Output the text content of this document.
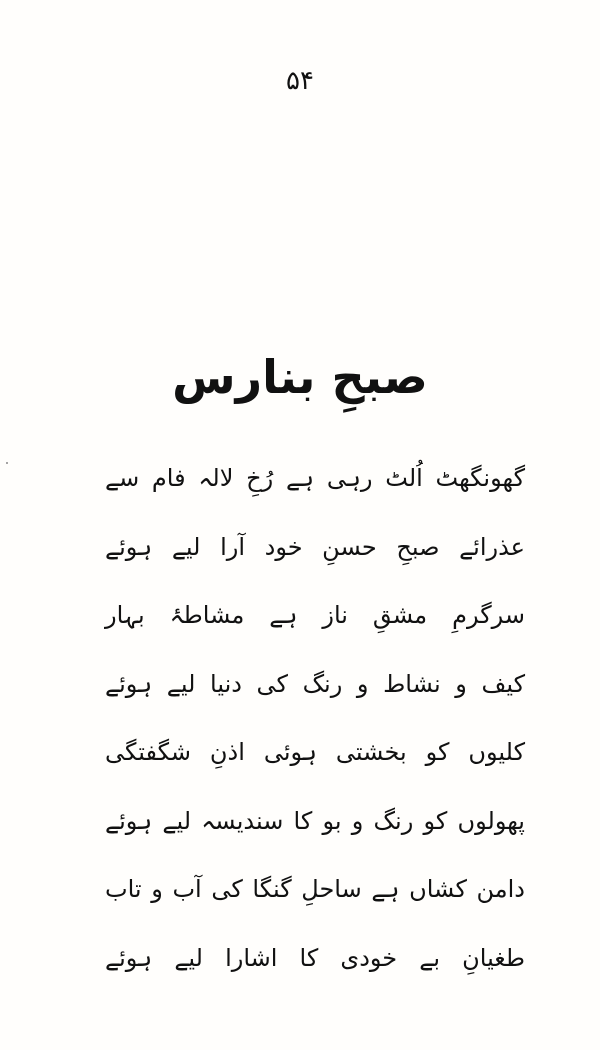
۵۴
صبحِ بنارس
گھونگھٹ اُلٹ رہی ہے رُخِ لالہ فام سے
عذرائے صبحِ حسنِ خود آرا لیے ہوئے
سرگرمِ مشقِ ناز ہے مشاطۂ بہار
کیف و نشاط و رنگ کی دنیا لیے ہوئے
کلیوں کو بخشتی ہوئی اذنِ شگفتگی
پھولوں کو رنگ و بو کا سندیسہ لیے ہوئے
دامن کشاں ہے ساحلِ گنگا کی آب و تاب
طغیانِ بے خودی کا اشارا لیے ہوئے
